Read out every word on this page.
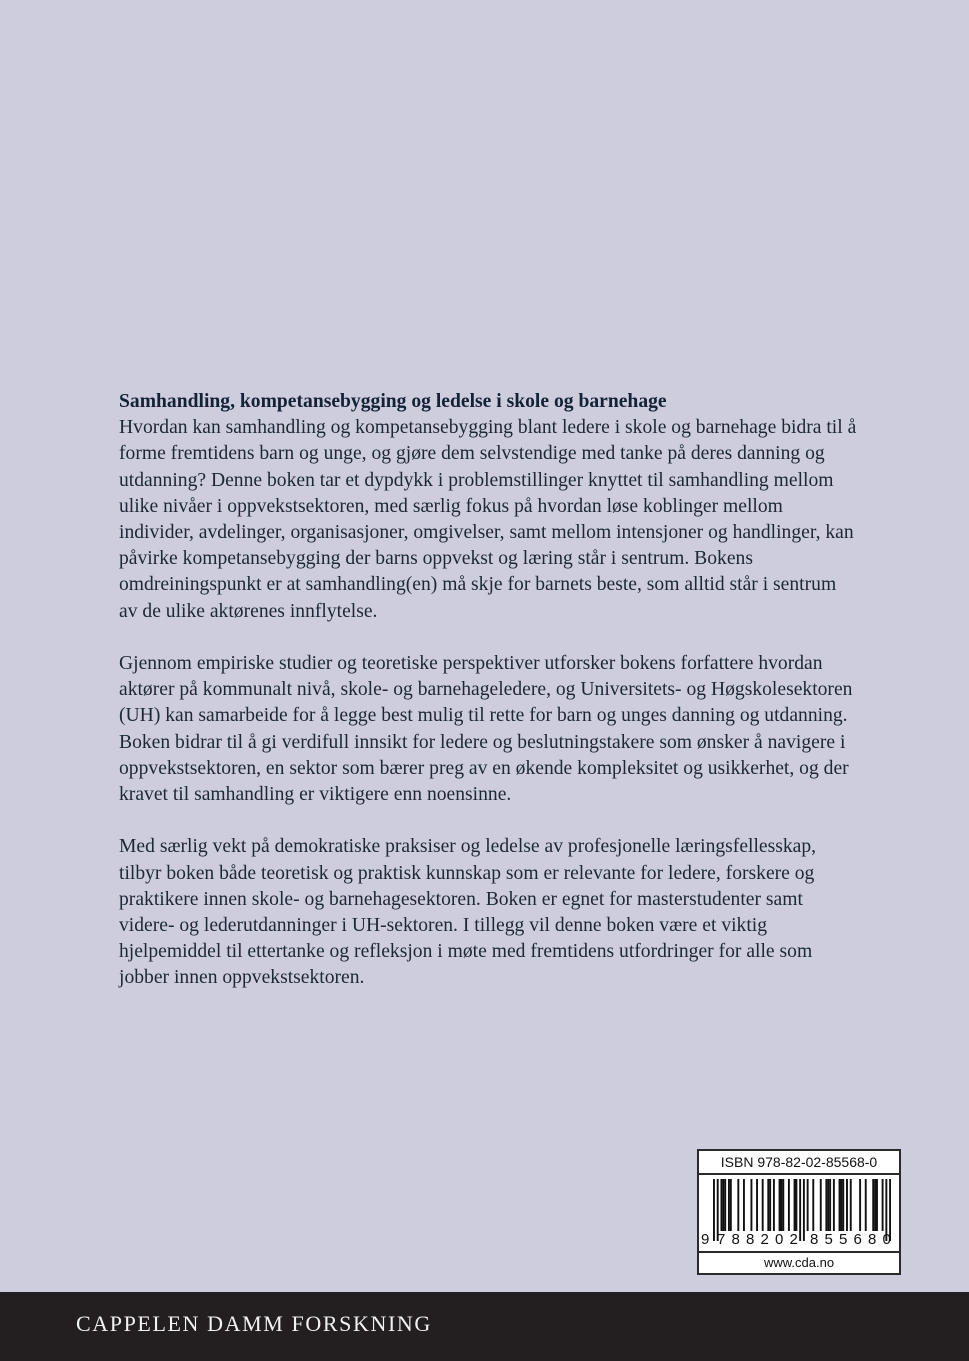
Samhandling, kompetansebygging og ledelse i skole og barnehage

Hvordan kan samhandling og kompetansebygging blant ledere i skole og barnehage bidra til å forme fremtidens barn og unge, og gjøre dem selvstendige med tanke på deres danning og utdanning? Denne boken tar et dypdykk i problemstillinger knyttet til samhandling mellom ulike nivåer i oppvekstsektoren, med særlig fokus på hvordan løse koblinger mellom individer, avdelinger, organisasjoner, omgivelser, samt mellom intensjoner og handlinger, kan påvirke kompetansebygging der barns oppvekst og læring står i sentrum. Bokens omdreiningspunkt er at samhandling(en) må skje for barnets beste, som alltid står i sentrum av de ulike aktørenes innflytelse.

Gjennom empiriske studier og teoretiske perspektiver utforsker bokens forfattere hvordan aktører på kommunalt nivå, skole- og barnehageledere, og Universitets- og Høgskolesektoren (UH) kan samarbeide for å legge best mulig til rette for barn og unges danning og utdanning. Boken bidrar til å gi verdifull innsikt for ledere og beslutningstakere som ønsker å navigere i oppvekstsektoren, en sektor som bærer preg av en økende kompleksitet og usikkerhet, og der kravet til samhandling er viktigere enn noensinne.

Med særlig vekt på demokratiske praksiser og ledelse av profesjonelle læringsfellesskap, tilbyr boken både teoretisk og praktisk kunnskap som er relevante for ledere, forskere og praktikere innen skole- og barnehagesektoren. Boken er egnet for masterstudenter samt videre- og lederutdanninger i UH-sektoren. I tillegg vil denne boken være et viktig hjelpemiddel til ettertanke og refleksjon i møte med fremtidens utfordringer for alle som jobber innen oppvekstsektoren.

ISBN 978-82-02-85568-0
9 7 8 8 2 0 2 8 5 5 6 8 0
www.cda.no
CAPPELEN DAMM FORSKNING
